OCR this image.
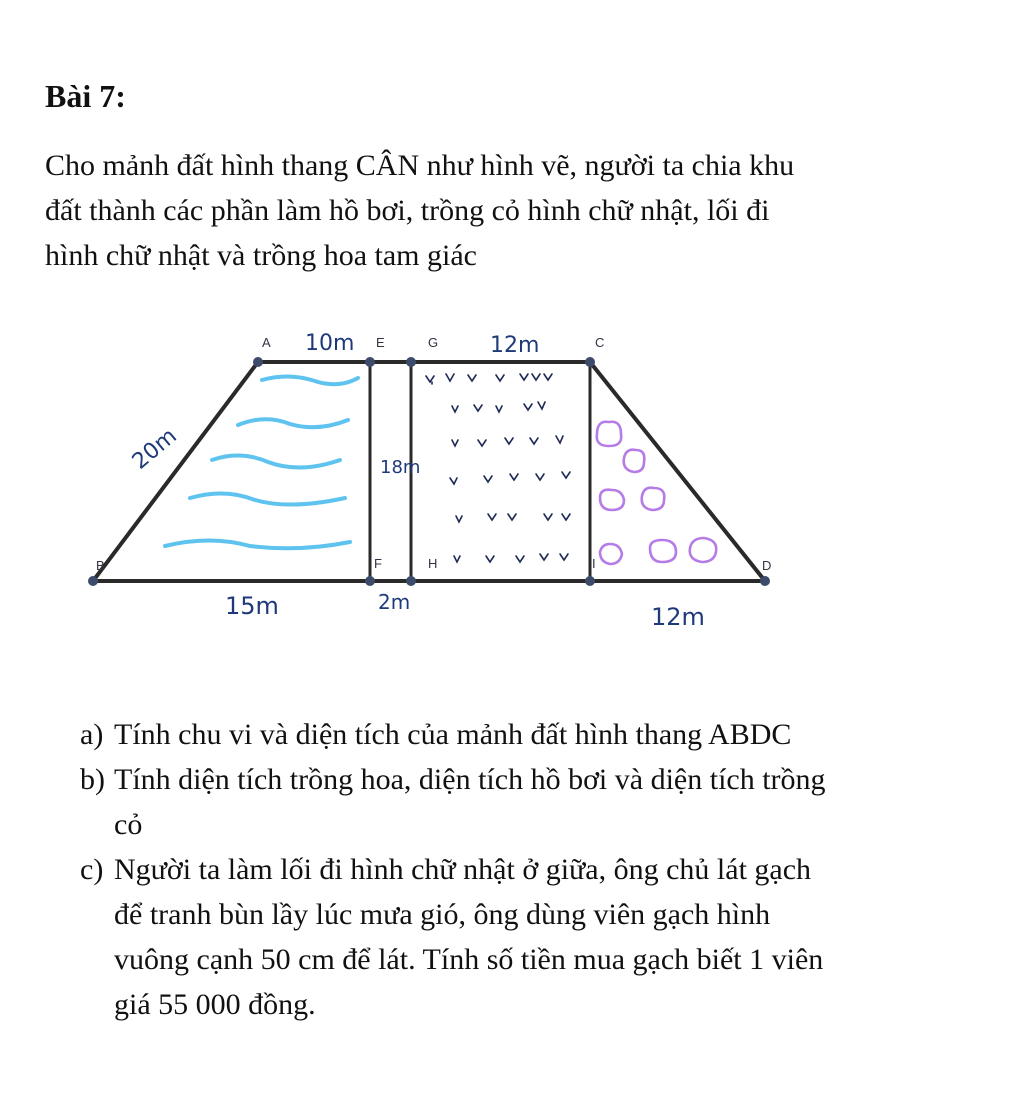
Bài 7:

Cho mảnh đất hình thang CÂN như hình vẽ, người ta chia khu
đất thành các phần làm hồ bơi, trồng cỏ hình chữ nhật, lối đi
hình chữ nhật và trồng hoa tam giác

A	E	G	C
B	F	H	I	D
10m	12m
20m	18m
15m	2m
12m
a) Tính chu vi và diện tích của mảnh đất hình thang ABDC
b) Tính diện tích trồng hoa, diện tích hồ bơi và diện tích trồng
cỏ
c) Người ta làm lối đi hình chữ nhật ở giữa, ông chủ lát gạch
để tranh bùn lầy lúc mưa gió, ông dùng viên gạch hình
vuông cạnh 50 cm để lát. Tính số tiền mua gạch biết 1 viên
giá 55 000 đồng.
